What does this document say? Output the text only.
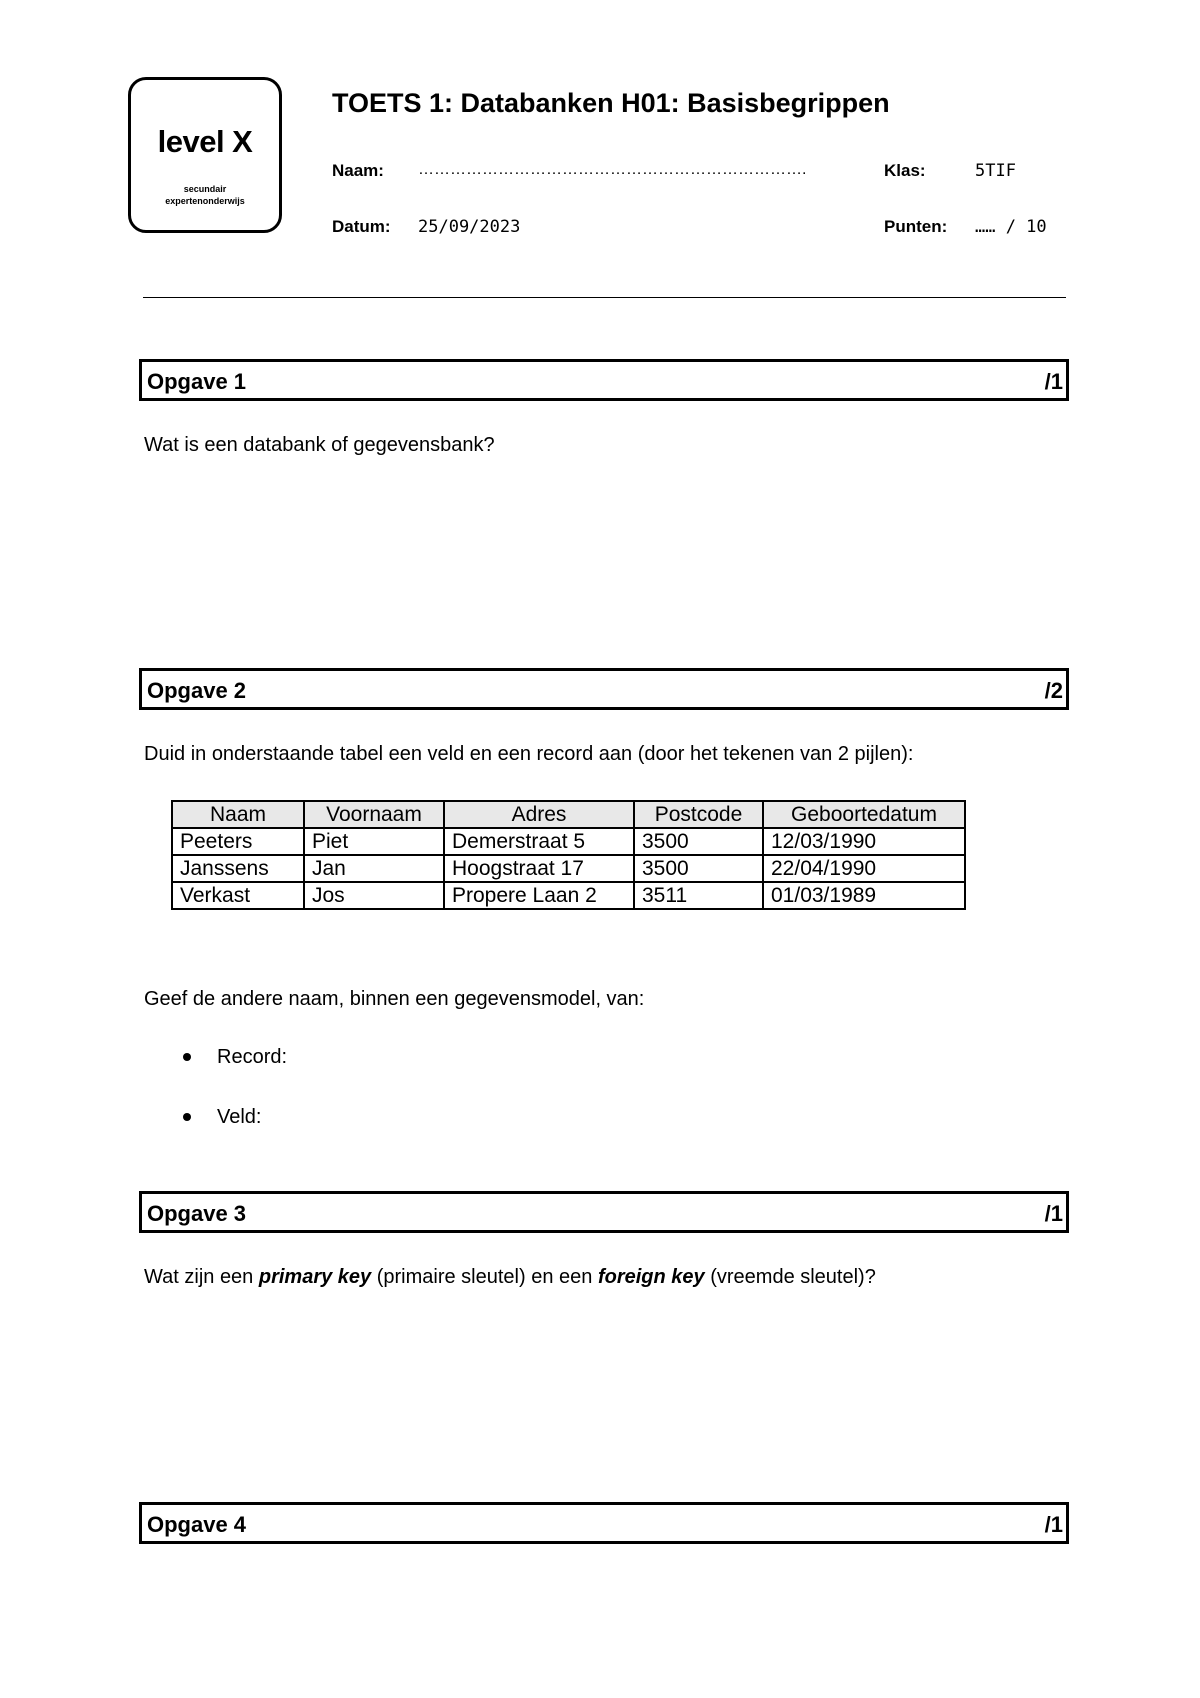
level X
secundair
expertenonderwijs
TOETS 1: Databanken H01: Basisbegrippen
Naam: ……………………………………………………………….	Klas:	5TIF
Datum: 25/09/2023	Punten: …… / 10
Opgave 1	/1
Wat is een databank of gegevensbank?
Opgave 2	/2
Duid in onderstaande tabel een veld en een record aan (door het tekenen van 2 pijlen):
Naam	Voornaam	Adres	Postcode	Geboortedatum
Peeters	Piet	Demerstraat 5	3500	12/03/1990
Janssens	Jan	Hoogstraat 17	3500	22/04/1990
Verkast	Jos	Propere Laan 2	3511	01/03/1989
Geef de andere naam, binnen een gegevensmodel, van:
Record:
Veld:
Opgave 3	/1
Wat zijn een primary key (primaire sleutel) en een foreign key (vreemde sleutel)?
Opgave 4	/1
